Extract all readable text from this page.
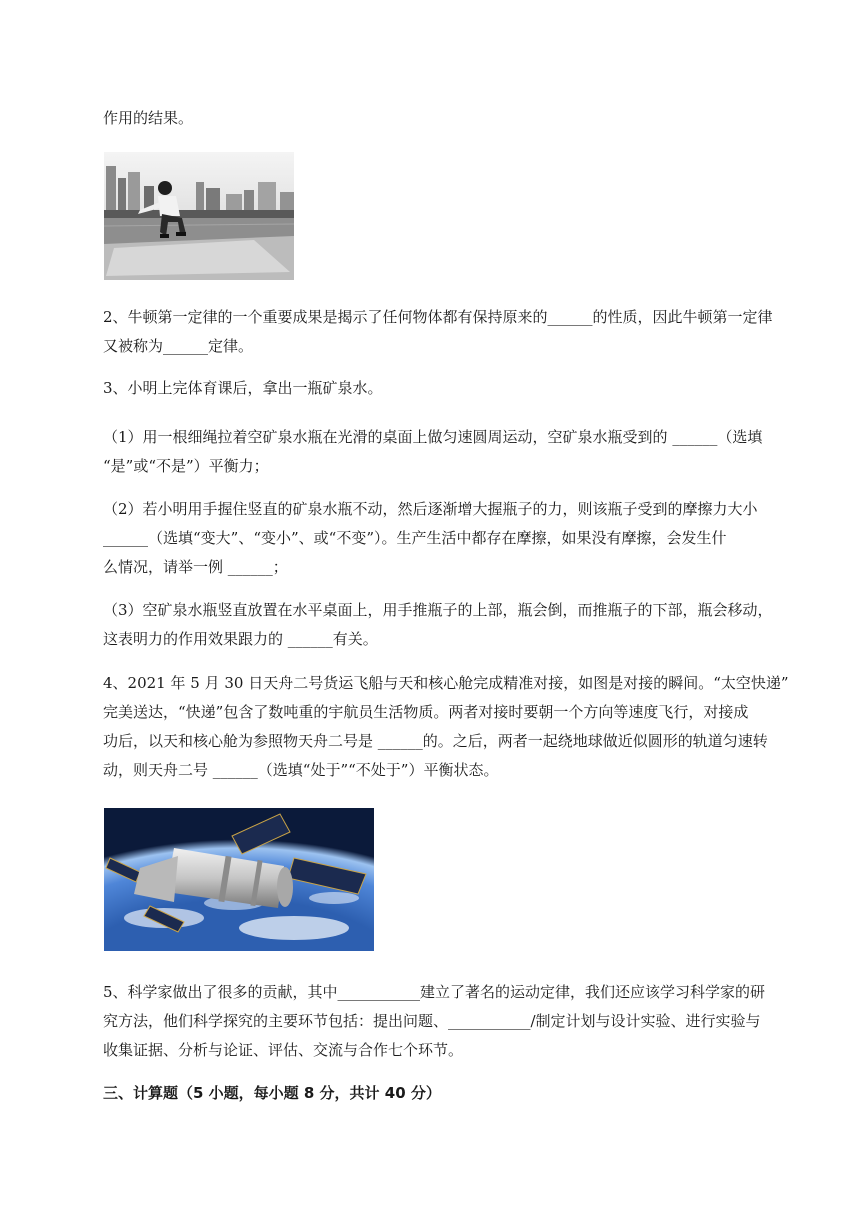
作用的结果。
2、牛顿第一定律的一个重要成果是揭示了任何物体都有保持原来的______的性质，因此牛顿第一定律
又被称为______定律。
3、小明上完体育课后，拿出一瓶矿泉水。
（1）用一根细绳拉着空矿泉水瓶在光滑的桌面上做匀速圆周运动，空矿泉水瓶受到的 ______（选填
“是”或“不是”）平衡力；
（2）若小明用手握住竖直的矿泉水瓶不动，然后逐渐增大握瓶子的力，则该瓶子受到的摩擦力大小
______（选填“变大”、“变小”、或“不变”）。生产生活中都存在摩擦，如果没有摩擦，会发生什
么情况，请举一例 ______；
（3）空矿泉水瓶竖直放置在水平桌面上，用手推瓶子的上部，瓶会倒，而推瓶子的下部，瓶会移动，
这表明力的作用效果跟力的 ______有关。
4、2021 年 5 月 30 日天舟二号货运飞船与天和核心舱完成精准对接，如图是对接的瞬间。“太空快递”
完美送达，“快递”包含了数吨重的宇航员生活物质。两者对接时要朝一个方向等速度飞行，对接成
功后，以天和核心舱为参照物天舟二号是 ______的。之后，两者一起绕地球做近似圆形的轨道匀速转
动，则天舟二号 ______（选填“处于”“不处于”）平衡状态。
5、科学家做出了很多的贡献，其中___________建立了著名的运动定律，我们还应该学习科学家的研
究方法，他们科学探究的主要环节包括：提出问题、___________/制定计划与设计实验、进行实验与
收集证据、分析与论证、评估、交流与合作七个环节。
三、计算题（5 小题，每小题 8 分，共计 40 分）
